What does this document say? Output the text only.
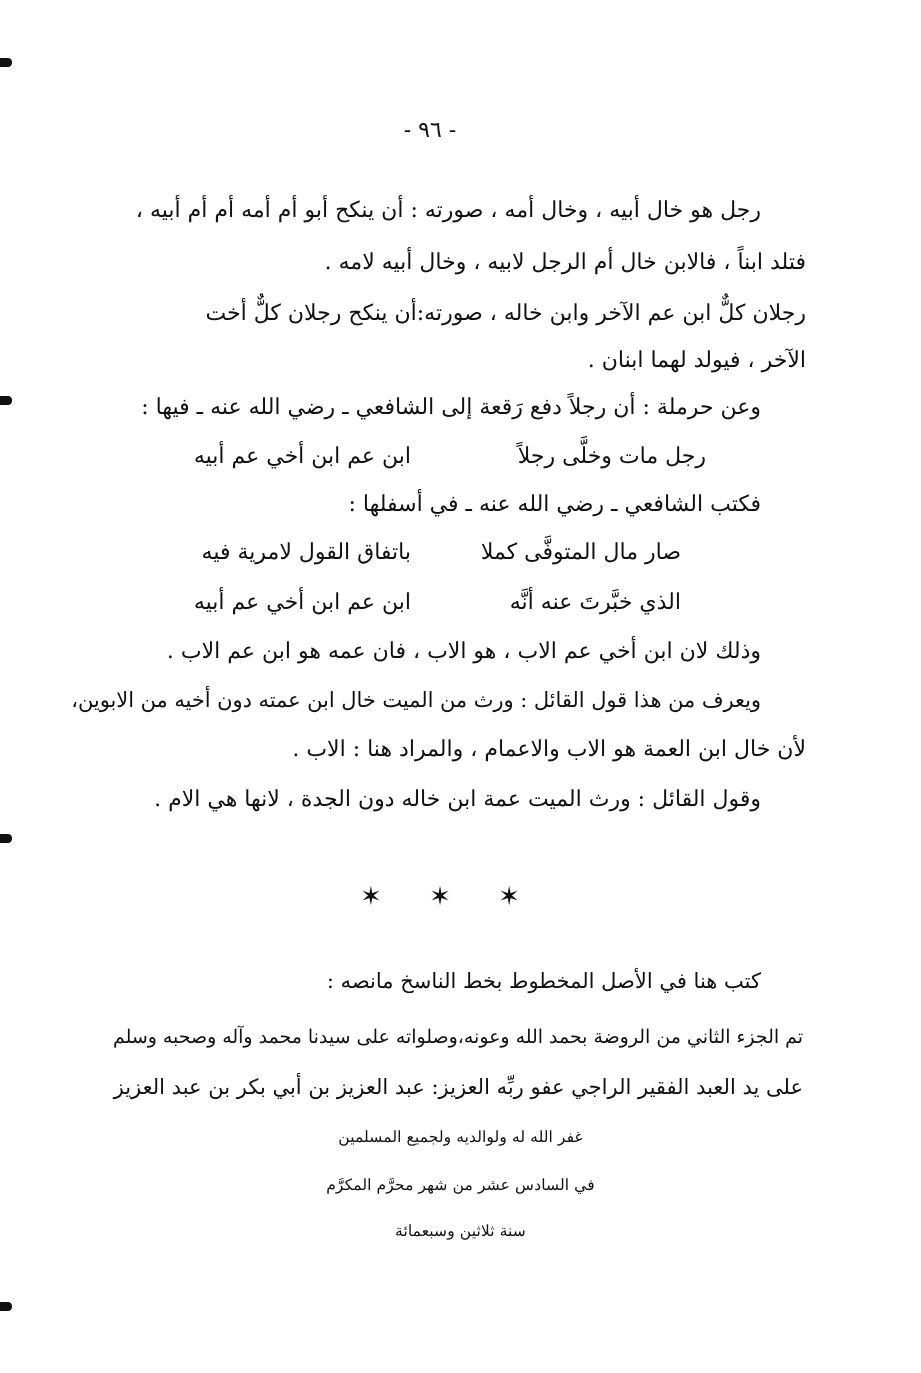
- ٩٦ -
رجل هو خال أبيه ، وخال أمه ، صورته : أن ينكح أبو أم أمه أم أم أبيه ،
فتلد ابناً ، فالابن خال أم الرجل لابيه ، وخال أبيه لامه .
رجلان كلٌّ ابن عم الآخر وابن خاله ، صورته:أن ينكح رجلان كلٌّ أخت
الآخر ، فيولد لهما ابنان .
وعن حرملة : أن رجلاً دفع رَقعة إلى الشافعي ـ رضي الله عنه ـ فيها :
رجل مات وخلَّى رجلاً
ابن عم ابن أخي عم أبيه
فكتب الشافعي ـ رضي الله عنه ـ في أسفلها :
صار مال المتوفَّى كملا
باتفاق القول لامرية فيه
الذي خبَّرتَ عنه أنَّه
ابن عم ابن أخي عم أبيه
وذلك لان ابن أخي عم الاب ، هو الاب ، فان عمه هو ابن عم الاب .
ويعرف من هذا قول القائل : ورث من الميت خال ابن عمته دون أخيه من الابوين،
لأن خال ابن العمة هو الاب والاعمام ، والمراد هنا : الاب .
وقول القائل : ورث الميت عمة ابن خاله دون الجدة ، لانها هي الام .
✶ ✶ ✶
كتب هنا في الأصل المخطوط بخط الناسخ مانصه :
تم الجزء الثاني من الروضة بحمد الله وعونه،وصلواته على سيدنا محمد وآله وصحبه وسلم
على يد العبد الفقير الراجي عفو ربِّه العزيز: عبد العزيز بن أبي بكر بن عبد العزيز
غفر الله له ولوالديه ولجميع المسلمين
في السادس عشر من شهر محرَّم المكرَّم
سنة ثلاثين وسبعمائة
